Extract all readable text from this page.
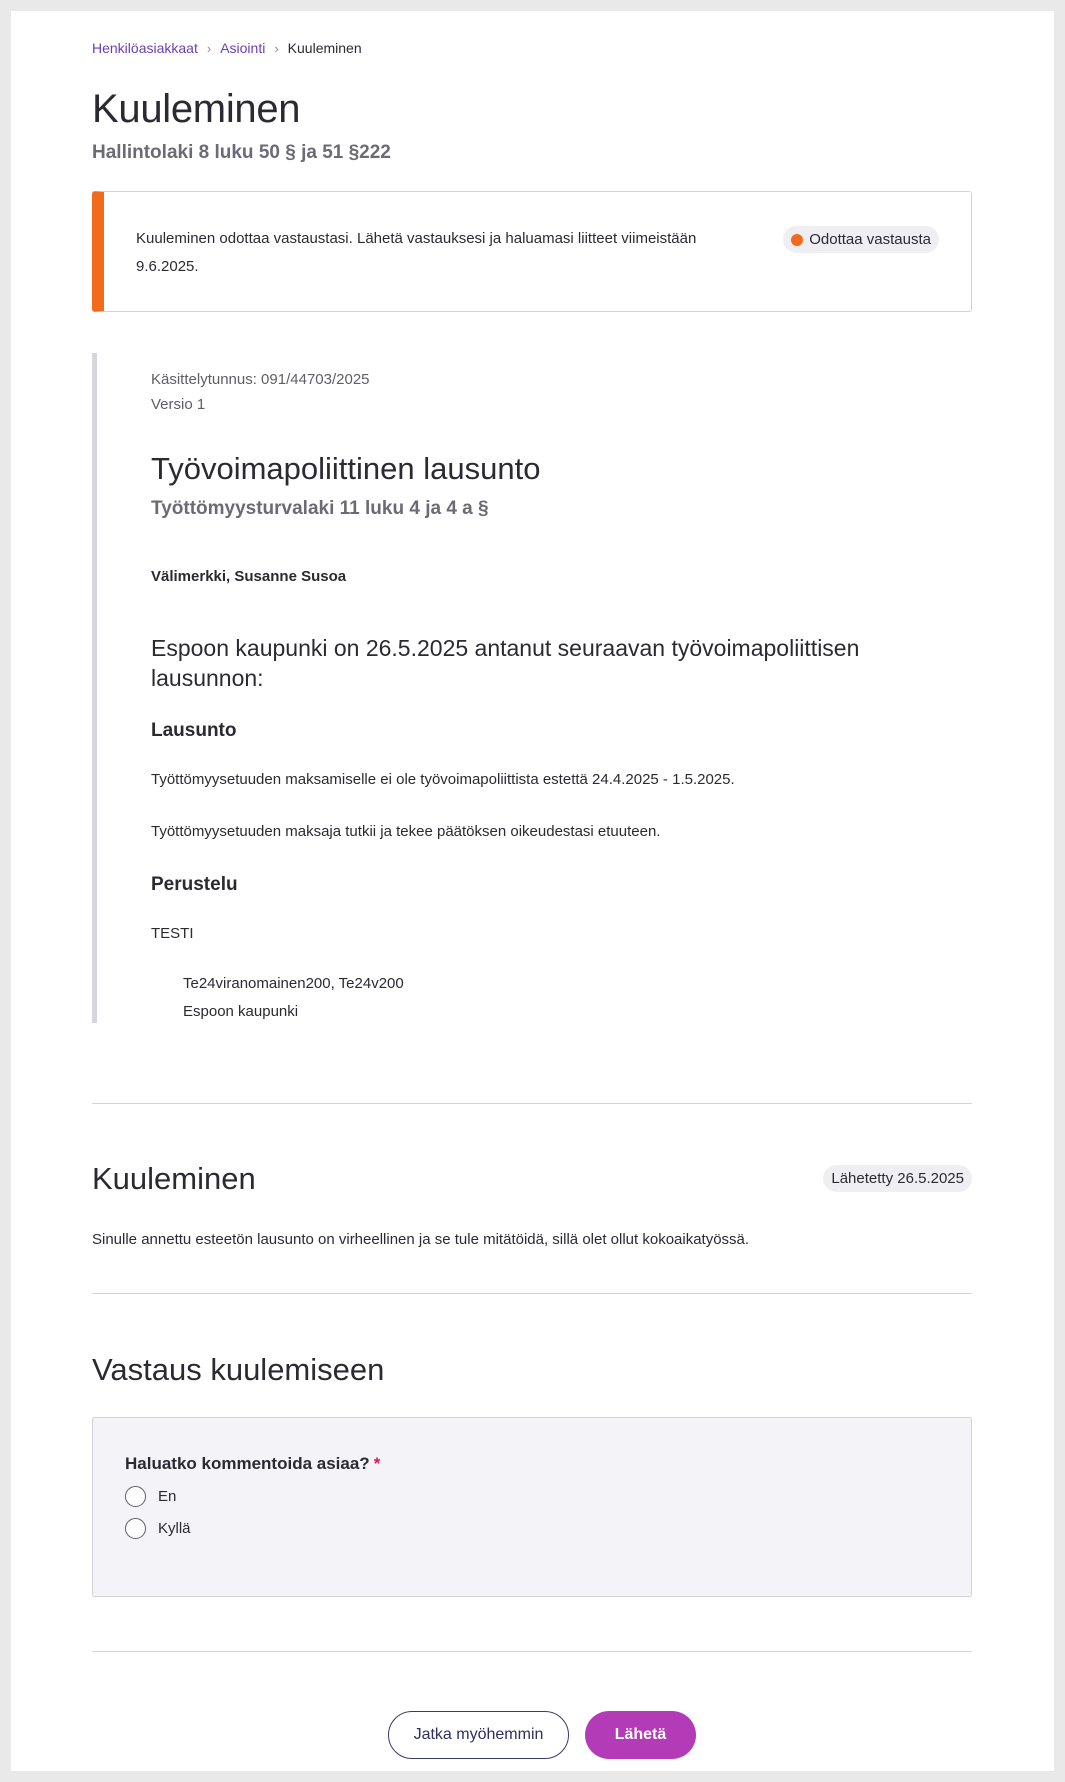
Henkilöasiakkaat › Asiointi › Kuuleminen
Kuuleminen
Hallintolaki 8 luku 50 § ja 51 §222
Kuuleminen odottaa vastaustasi. Lähetä vastauksesi ja haluamasi liitteet viimeistään 9.6.2025.
Odottaa vastausta
Käsittelytunnus: 091/44703/2025
Versio 1
Työvoimapoliittinen lausunto
Työttömyysturvalaki 11 luku 4 ja 4 a §
Välimerkki, Susanne Susoa
Espoon kaupunki on 26.5.2025 antanut seuraavan työvoimapoliittisen lausunnon:
Lausunto

Työttömyysetuuden maksamiselle ei ole työvoimapoliittista estettä 24.4.2025 - 1.5.2025.

Työttömyysetuuden maksaja tutkii ja tekee päätöksen oikeudestasi etuuteen.

Perustelu

TESTI

Te24viranomainen200, Te24v200
Espoon kaupunki
Kuuleminen	Lähetetty 26.5.2025

Sinulle annettu esteetön lausunto on virheellinen ja se tule mitätöidä, sillä olet ollut kokoaikatyössä.

Vastaus kuulemiseen
Haluatko kommentoida asiaa? *
En
Kyllä
Jatka myöhemmin	Lähetä
